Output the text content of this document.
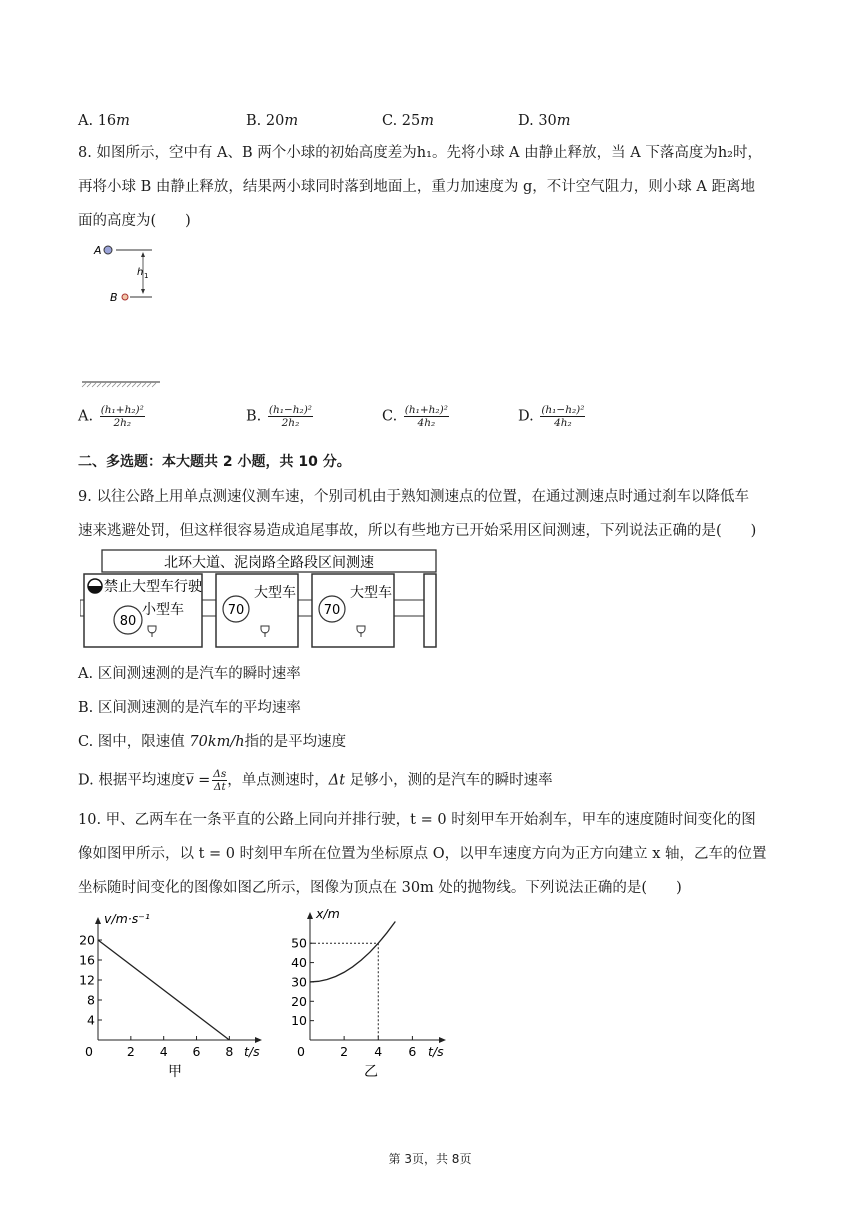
A. 16m	B. 20m	C. 25m	D. 30m
8. 如图所示，空中有 A、B 两个小球的初始高度差为h₁。先将小球 A 由静止释放，当 A 下落高度为h₂时，
再将小球 B 由静止释放，结果两小球同时落到地面上，重力加速度为 g，不计空气阻力，则小球 A 距离地
面的高度为(　　)
A
h 1
B
A. $\frac{\text{(h₁+h₂)²}}{\text{2h₂}}$	B. $\frac{\text{(h₁−h₂)²}}{\text{2h₂}}$	C. $\frac{\text{(h₁+h₂)²}}{\text{4h₂}}$	D. $\frac{\text{(h₁−h₂)²}}{\text{4h₂}}$
二、多选题：本大题共 2 小题，共 10 分。
9. 以往公路上用单点测速仪测车速，个别司机由于熟知测速点的位置，在通过测速点时通过刹车以降低车
速来逃避处罚，但这样很容易造成追尾事故，所以有些地方已开始采用区间测速，下列说法正确的是(　　)
北环大道、泥岗路全路段区间测速
禁止大型车行驶
小型车
80
70
大型车
70
大型车
A. 区间测速测的是汽车的瞬时速率
B. 区间测速测的是汽车的平均速率
C. 图中，限速值 70km/h指的是平均速度
D. 根据平均速度v̅ = $\frac{\Delta s}{\Delta t}$ ，单点测速时，Δt 足够小，测的是汽车的瞬时速率
10. 甲、乙两车在一条平直的公路上同向并排行驶，t = 0 时刻甲车开始刹车，甲车的速度随时间变化的图
像如图甲所示，以 t = 0 时刻甲车所在位置为坐标原点 O，以甲车速度方向为正方向建立 x 轴，乙车的位置
坐标随时间变化的图像如图乙所示，图像为顶点在 30m 处的抛物线。下列说法正确的是(　　)
0	2 4 6 8
4
8
12
16
20
t/s
v/m·s⁻¹
甲
0	2 4 6
10
20
30
40
50
t/s
x/m
乙
第 3页，共 8页
